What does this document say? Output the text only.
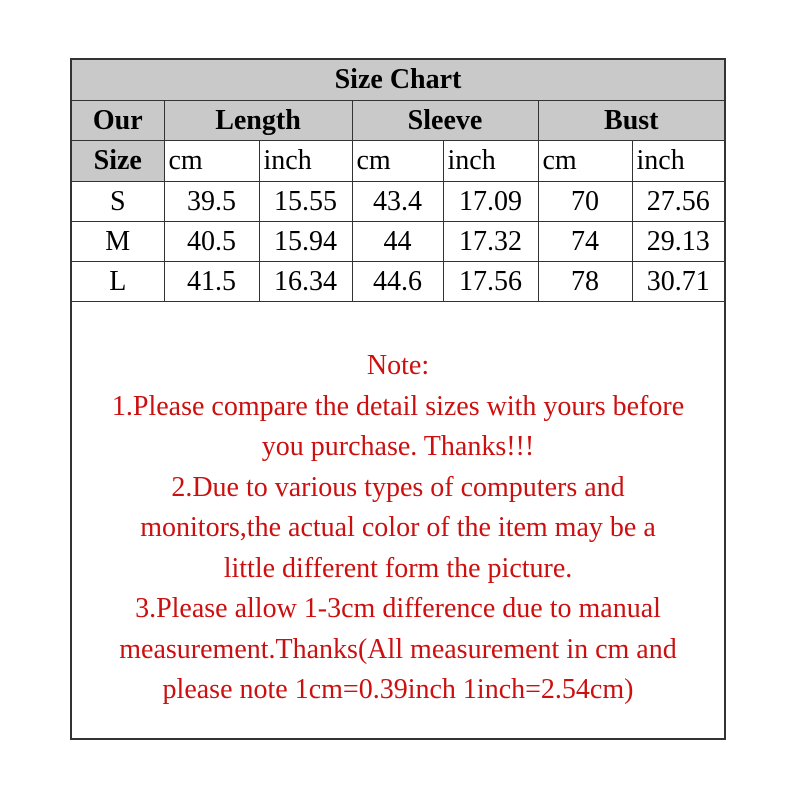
Size Chart						
Our	Length		Sleeve		Bust	
Size	cm	inch	cm	inch	cm	inch
S	39.5	15.55	43.4	17.09	70	27.56
M	40.5	15.94	44	17.32	74	29.13
L	41.5	16.34	44.6	17.56	78	30.71
Note:
1.Please compare the detail sizes with yours before
you purchase. Thanks!!!
2.Due to various types of computers and
monitors,the actual color of the item may be a
little different form the picture.
3.Please allow 1-3cm difference due to manual
measurement.Thanks(All measurement in cm and
please note 1cm=0.39inch 1inch=2.54cm)
